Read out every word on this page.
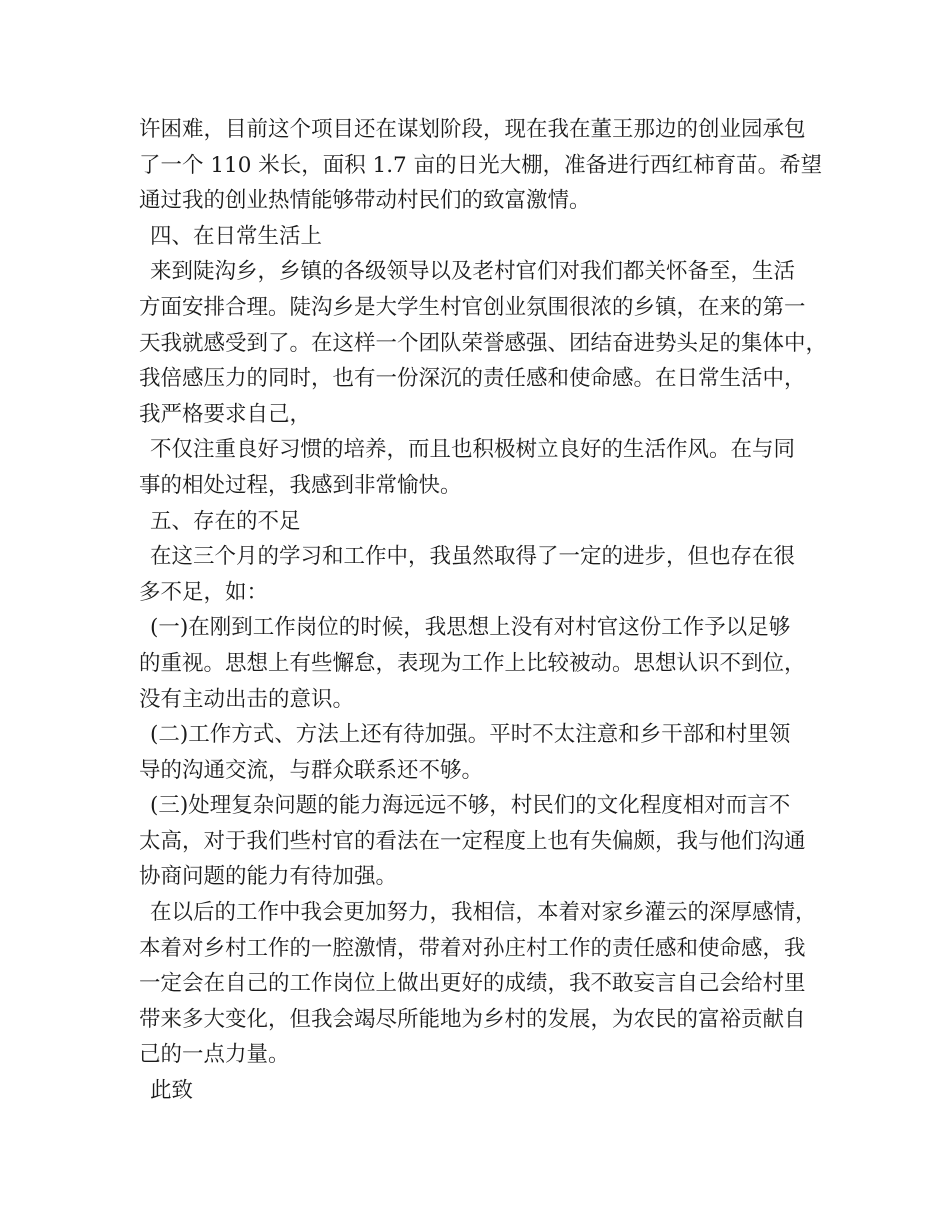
许困难，目前这个项目还在谋划阶段，现在我在董王那边的创业园承包
了一个 110 米长，面积 1.7 亩的日光大棚，准备进行西红柿育苗。希望
通过我的创业热情能够带动村民们的致富激情。
四、在日常生活上
来到陡沟乡，乡镇的各级领导以及老村官们对我们都关怀备至，生活
方面安排合理。陡沟乡是大学生村官创业氛围很浓的乡镇，在来的第一
天我就感受到了。在这样一个团队荣誉感强、团结奋进势头足的集体中，
我倍感压力的同时，也有一份深沉的责任感和使命感。在日常生活中，
我严格要求自己，
不仅注重良好习惯的培养，而且也积极树立良好的生活作风。在与同
事的相处过程，我感到非常愉快。
五、存在的不足
在这三个月的学习和工作中，我虽然取得了一定的进步，但也存在很
多不足，如：
(一)在刚到工作岗位的时候，我思想上没有对村官这份工作予以足够
的重视。思想上有些懈怠，表现为工作上比较被动。思想认识不到位，
没有主动出击的意识。
(二)工作方式、方法上还有待加强。平时不太注意和乡干部和村里领
导的沟通交流，与群众联系还不够。
(三)处理复杂问题的能力海远远不够，村民们的文化程度相对而言不
太高，对于我们些村官的看法在一定程度上也有失偏颇，我与他们沟通
协商问题的能力有待加强。
在以后的工作中我会更加努力，我相信，本着对家乡灌云的深厚感情，
本着对乡村工作的一腔激情，带着对孙庄村工作的责任感和使命感，我
一定会在自己的工作岗位上做出更好的成绩，我不敢妄言自己会给村里
带来多大变化，但我会竭尽所能地为乡村的发展，为农民的富裕贡献自
己的一点力量。
此致
